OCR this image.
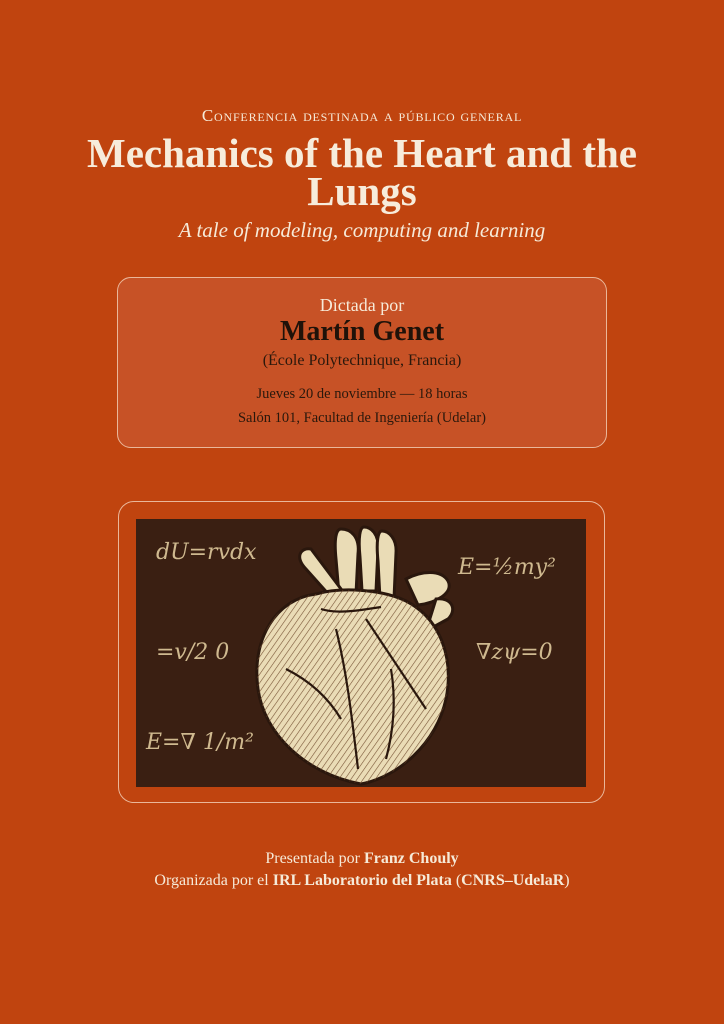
Conferencia destinada a público general
Mechanics of the Heart and the Lungs
A tale of modeling, computing and learning
Dictada por
Martín Genet
(École Polytechnique, Francia)
Jueves 20 de noviembre — 18 horas
Salón 101, Facultad de Ingeniería (Udelar)
dU=rvdx
E=½my²
=v/2 0	∇zψ=0
E=∇ 1/m²
Presentada por Franz Chouly
Organizada por el IRL Laboratorio del Plata (CNRS–UdelaR)
